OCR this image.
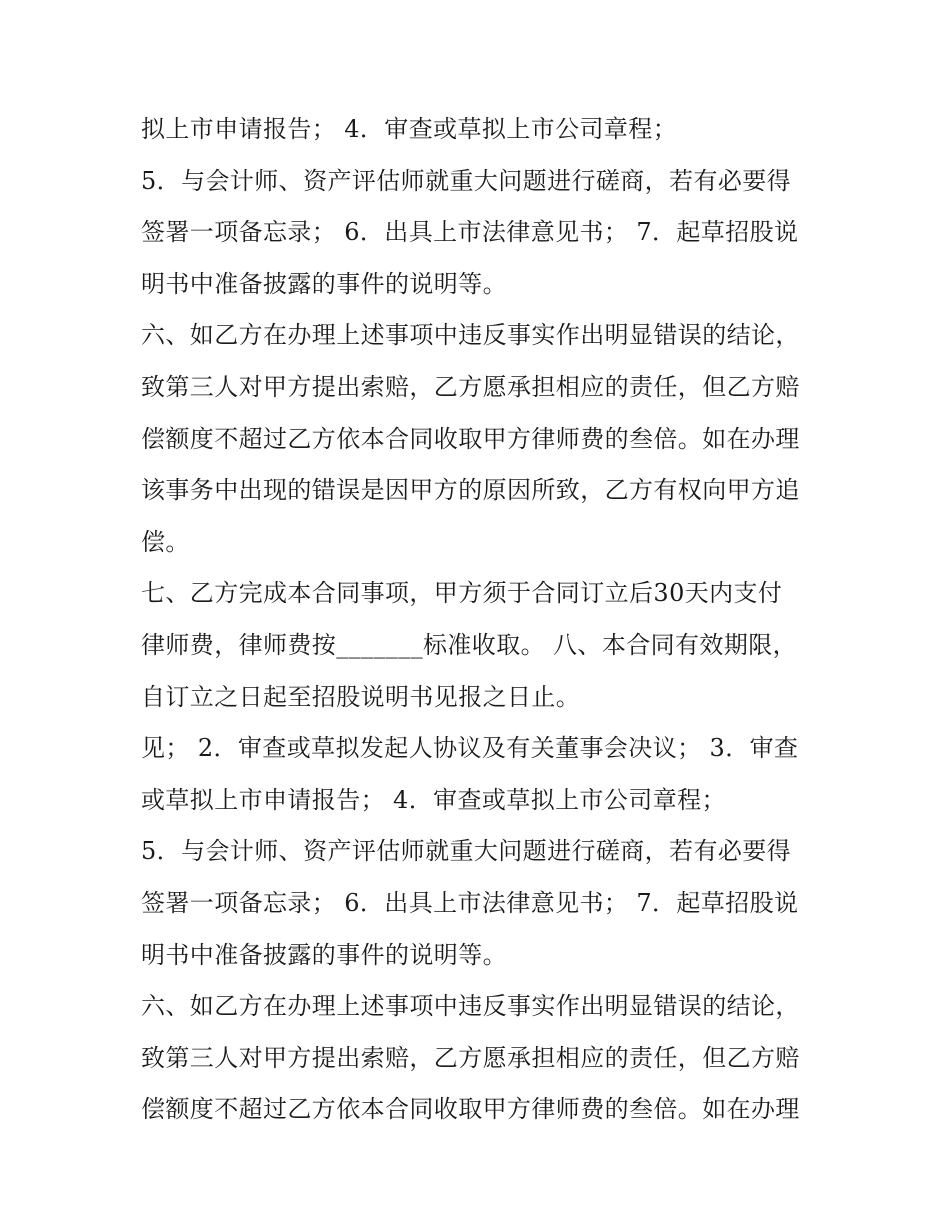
拟上市申请报告； 4．审查或草拟上市公司章程；
5．与会计师、资产评估师就重大问题进行磋商，若有必要得
签署一项备忘录； 6．出具上市法律意见书； 7．起草招股说
明书中准备披露的事件的说明等。
六、如乙方在办理上述事项中违反事实作出明显错误的结论，
致第三人对甲方提出索赔，乙方愿承担相应的责任，但乙方赔
偿额度不超过乙方依本合同收取甲方律师费的叁倍。如在办理
该事务中出现的错误是因甲方的原因所致，乙方有权向甲方追
偿。
七、乙方完成本合同事项，甲方须于合同订立后30天内支付
律师费，律师费按_______标准收取。 八、本合同有效期限，
自订立之日起至招股说明书见报之日止。
见； 2．审查或草拟发起人协议及有关董事会决议； 3．审查
或草拟上市申请报告； 4．审查或草拟上市公司章程；
5．与会计师、资产评估师就重大问题进行磋商，若有必要得
签署一项备忘录； 6．出具上市法律意见书； 7．起草招股说
明书中准备披露的事件的说明等。
六、如乙方在办理上述事项中违反事实作出明显错误的结论，
致第三人对甲方提出索赔，乙方愿承担相应的责任，但乙方赔
偿额度不超过乙方依本合同收取甲方律师费的叁倍。如在办理
